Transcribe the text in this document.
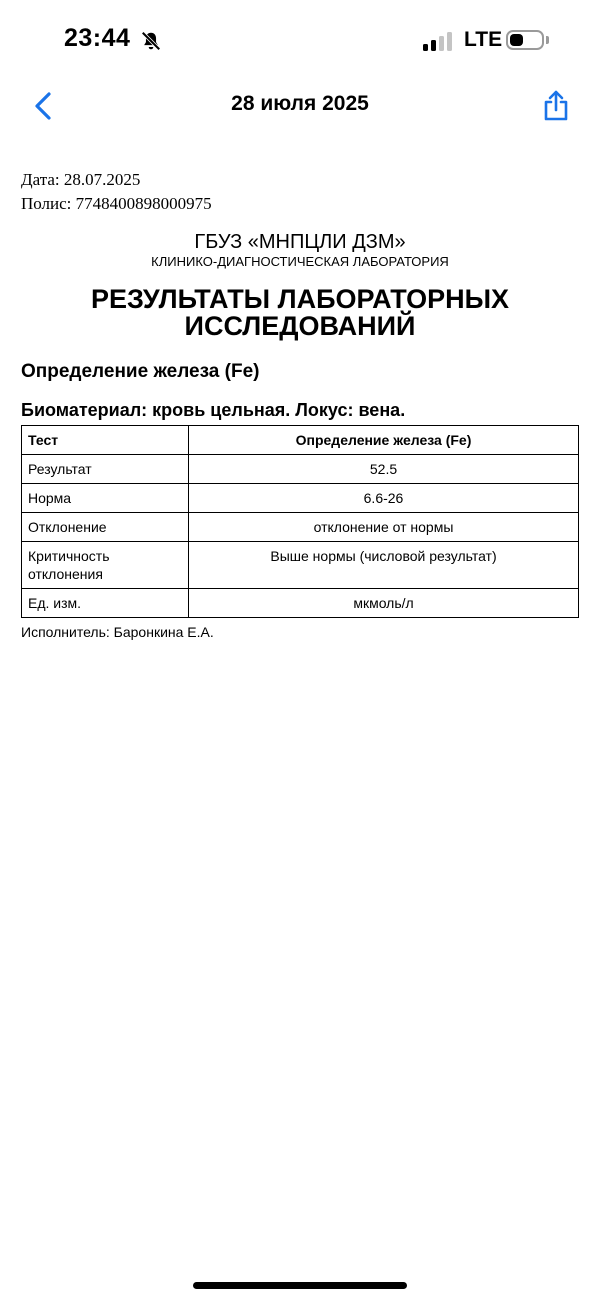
23:44	LTE
28 июля 2025
Дата: 28.07.2025
Полис: 7748400898000975
ГБУЗ «МНПЦЛИ ДЗМ»
КЛИНИКО-ДИАГНОСТИЧЕСКАЯ ЛАБОРАТОРИЯ
РЕЗУЛЬТАТЫ ЛАБОРАТОРНЫХ ИССЛЕДОВАНИЙ
Определение железа (Fe)
Биоматериал: кровь цельная. Локус: вена.
Тест	Определение железа (Fe)
Результат	52.5
Норма	6.6-26
Отклонение	отклонение от нормы
Критичность отклонения	Выше нормы (числовой результат)
Ед. изм.	мкмоль/л
Исполнитель: Баронкина Е.А.
